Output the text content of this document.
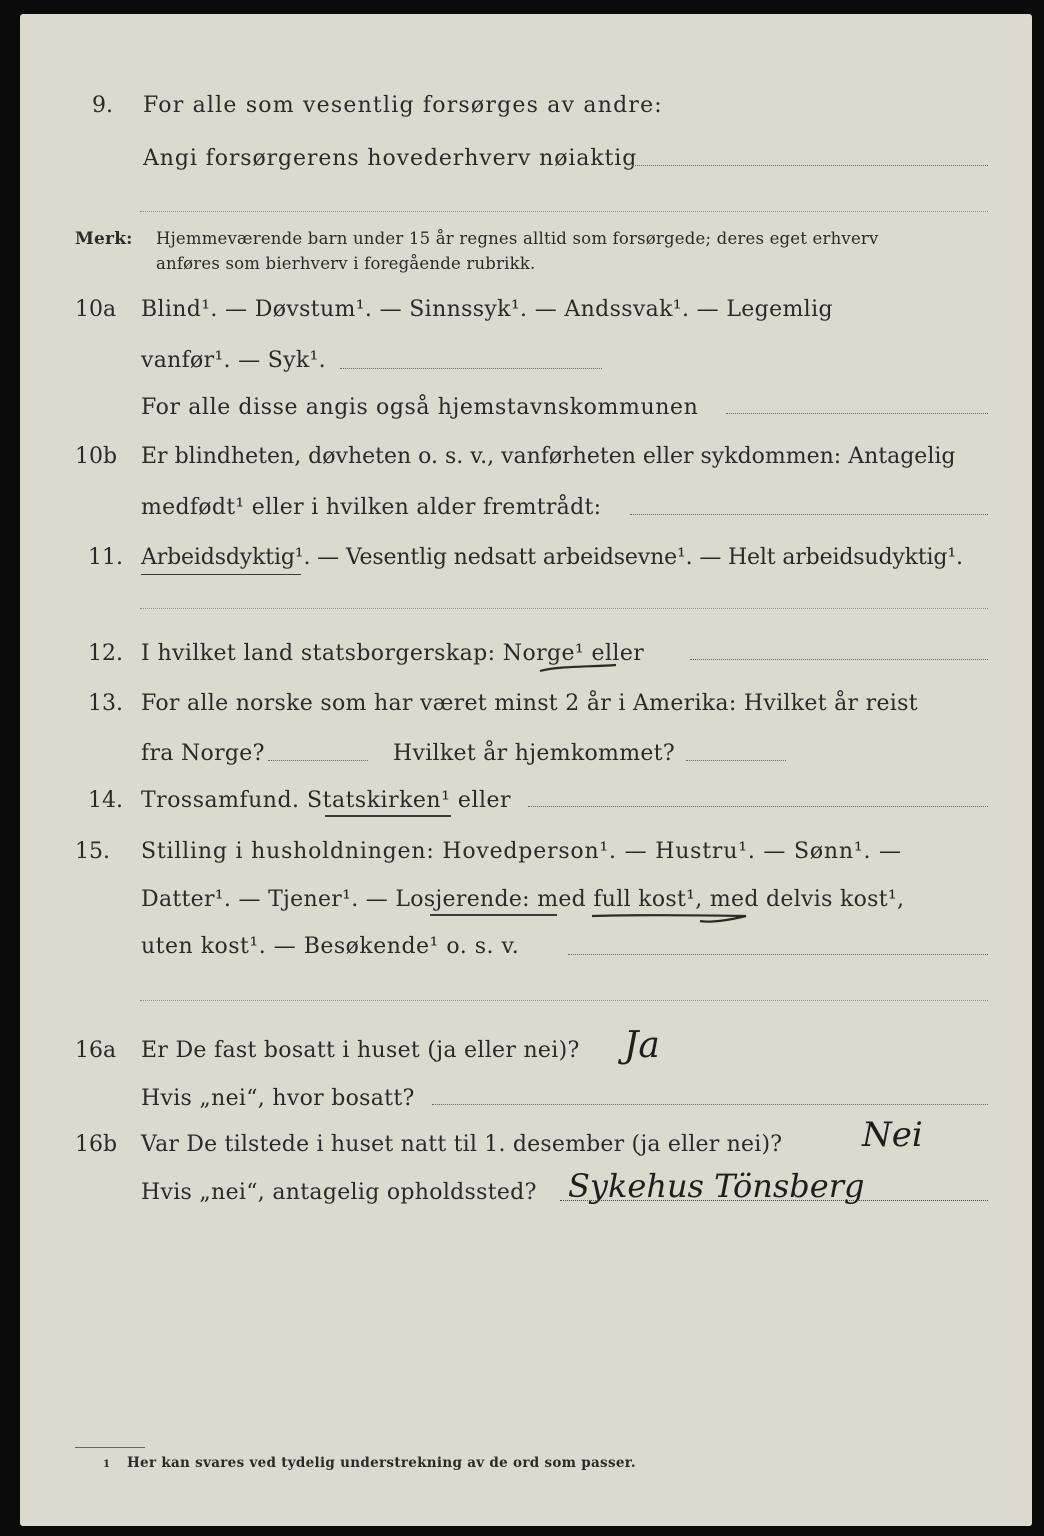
9. For alle som vesentlig forsørges av andre:
Angi forsørgerens hovederhverv nøiaktig
Merk: Hjemmeværende barn under 15 år regnes alltid som forsørgede; deres eget erhverv
anføres som bierhverv i foregående rubrikk.
10a Blind¹. — Døvstum¹. — Sinnssyk¹. — Andssvak¹. — Legemlig
vanfør¹. — Syk¹.
For alle disse angis også hjemstavnskommunen
10b Er blindheten, døvheten o. s. v., vanførheten eller sykdommen: Antagelig
medfødt¹ eller i hvilken alder fremtrådt:
11. Arbeidsdyktig¹. — Vesentlig nedsatt arbeidsevne¹. — Helt arbeidsudyktig¹.
12. I hvilket land statsborgerskap: Norge¹ eller
13. For alle norske som har været minst 2 år i Amerika: Hvilket år reist
fra Norge?	Hvilket år hjemkommet?
14. Trossamfund. Statskirken¹ eller
15. Stilling i husholdningen: Hovedperson¹. — Hustru¹. — Sønn¹. —
Datter¹. — Tjener¹. — Losjerende: med full kost¹, med delvis kost¹,
uten kost¹. — Besøkende¹ o. s. v.
16a Er De fast bosatt i huset (ja eller nei)? Ja
Hvis „nei“, hvor bosatt?
16b Var De tilstede i huset natt til 1. desember (ja eller nei)? Nei
Hvis „nei“, antagelig opholdssted? Sykehus Tönsberg
1 Her kan svares ved tydelig understrekning av de ord som passer.
